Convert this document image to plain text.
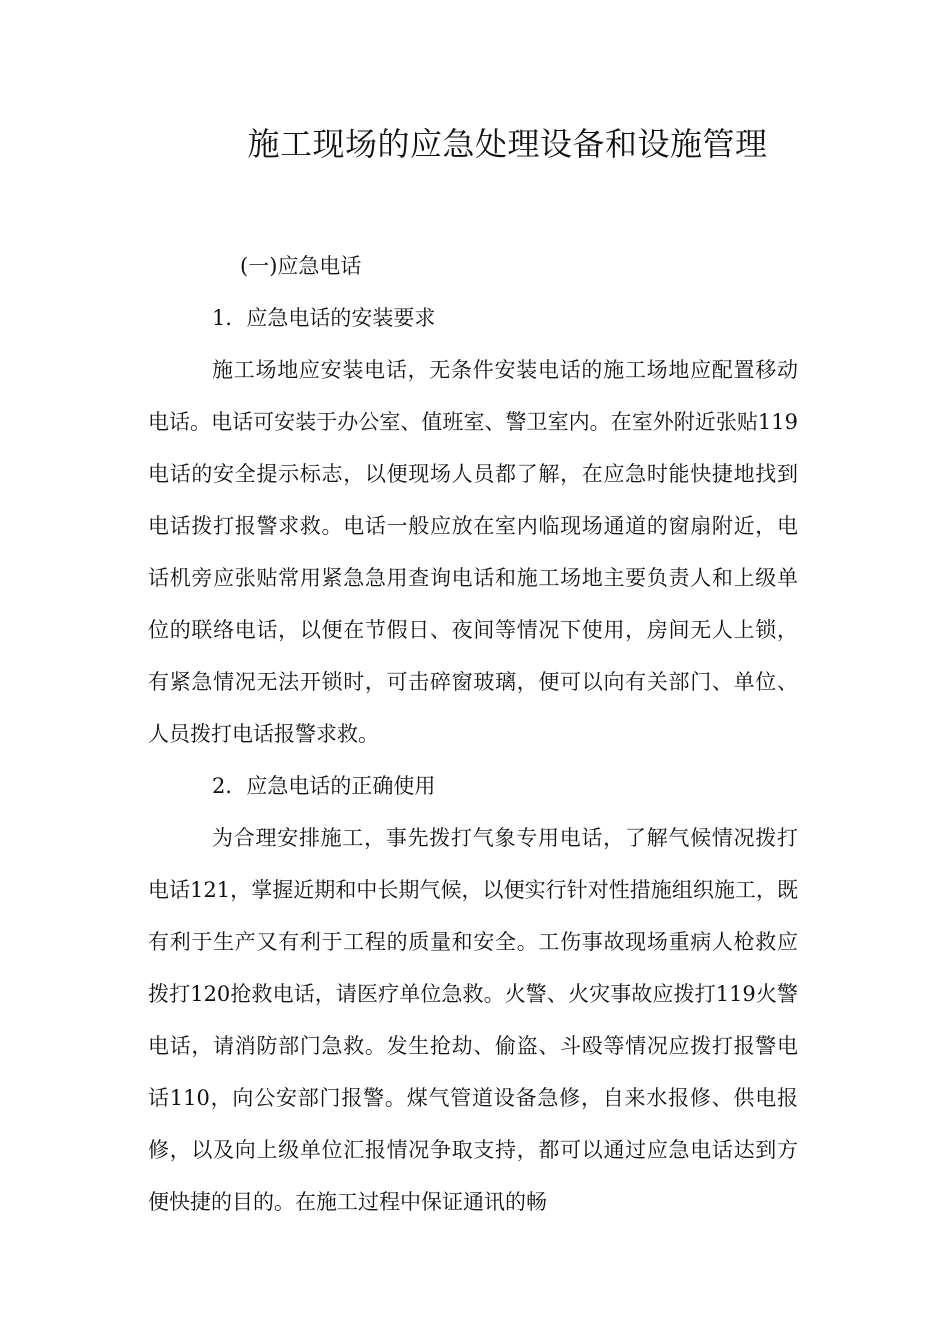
施工现场的应急处理设备和设施管理
(一)应急电话
1．应急电话的安装要求

施工场地应安装电话，无条件安装电话的施工场地应配置移动电话。电话可安装于办公室、值班室、警卫室内。在室外附近张贴119电话的安全提示标志，以便现场人员都了解，在应急时能快捷地找到电话拨打报警求救。电话一般应放在室内临现场通道的窗扇附近，电话机旁应张贴常用紧急急用查询电话和施工场地主要负责人和上级单位的联络电话，以便在节假日、夜间等情况下使用，房间无人上锁，有紧急情况无法开锁时，可击碎窗玻璃，便可以向有关部门、单位、人员拨打电话报警求救。

2．应急电话的正确使用

为合理安排施工，事先拨打气象专用电话，了解气候情况拨打电话121，掌握近期和中长期气候，以便实行针对性措施组织施工，既有利于生产又有利于工程的质量和安全。工伤事故现场重病人枪救应拨打120抢救电话，请医疗单位急救。火警、火灾事故应拨打119火警电话，请消防部门急救。发生抢劫、偷盗、斗殴等情况应拨打报警电话110，向公安部门报警。煤气管道设备急修，自来水报修、供电报修，以及向上级单位汇报情况争取支持，都可以通过应急电话达到方便快捷的目的。在施工过程中保证通讯的畅
